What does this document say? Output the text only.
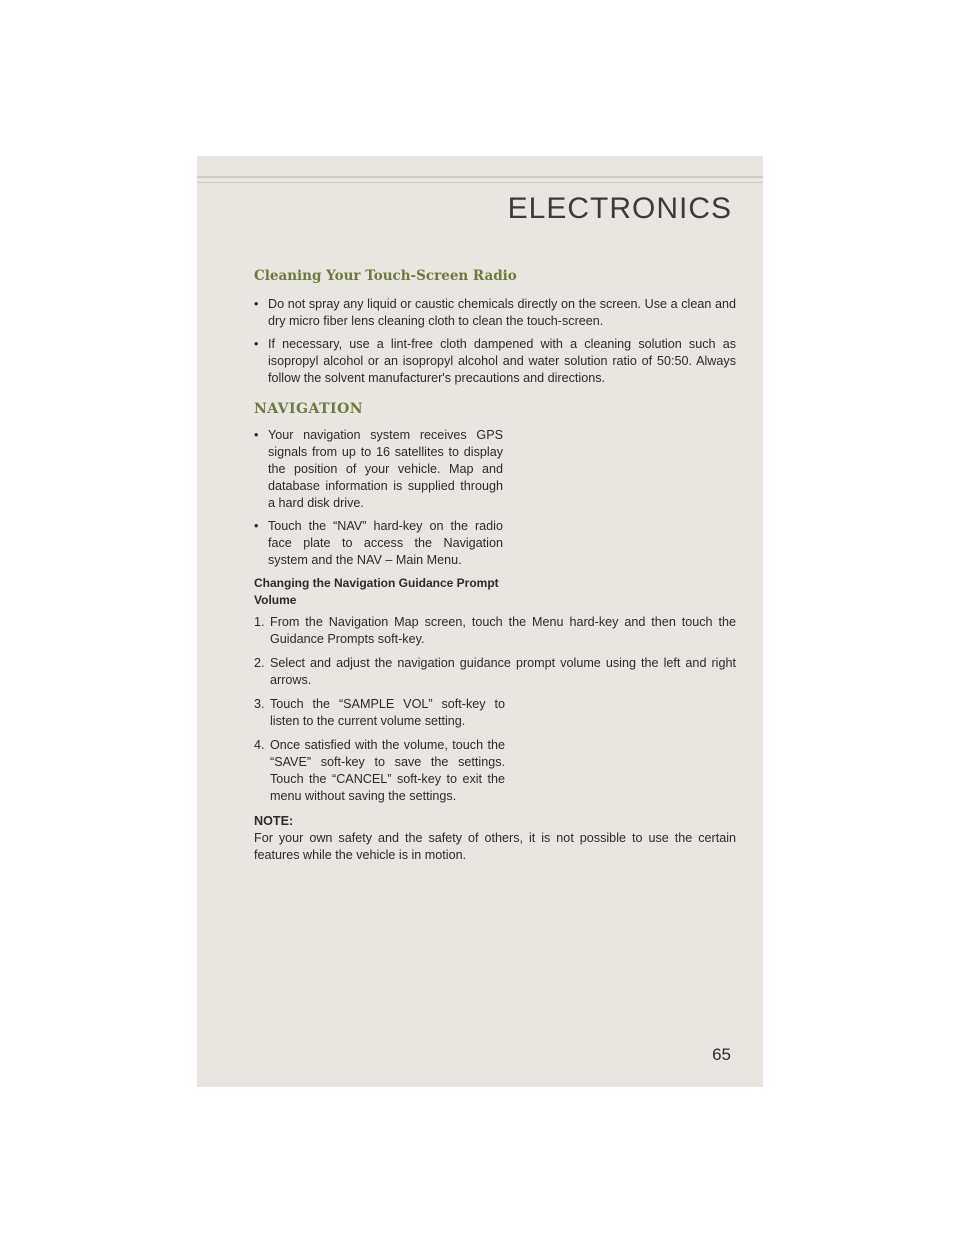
ELECTRONICS

Cleaning Your Touch-Screen Radio

• Do not spray any liquid or caustic chemicals directly on the screen. Use a clean and dry micro fiber lens cleaning cloth to clean the touch-screen.

• If necessary, use a lint-free cloth dampened with a cleaning solution such as isopropyl alcohol or an isopropyl alcohol and water solution ratio of 50:50. Always follow the solvent manufacturer's precautions and directions.

NAVIGATION

• Your navigation system receives GPS signals from up to 16 satellites to display the position of your vehicle. Map and database information is supplied through a hard disk drive.

• Touch the “NAV” hard-key on the radio face plate to access the Navigation system and the NAV – Main Menu.

Changing the Navigation Guidance Prompt Volume

1. From the Navigation Map screen, touch the Menu hard-key and then touch the Guidance Prompts soft-key.

2. Select and adjust the navigation guidance prompt volume using the left and right arrows.

3. Touch the “SAMPLE VOL” soft-key to listen to the current volume setting.

4. Once satisfied with the volume, touch the “SAVE” soft-key to save the settings. Touch the “CANCEL” soft-key to exit the menu without saving the settings.

NOTE:

For your own safety and the safety of others, it is not possible to use the certain features while the vehicle is in motion.

65
